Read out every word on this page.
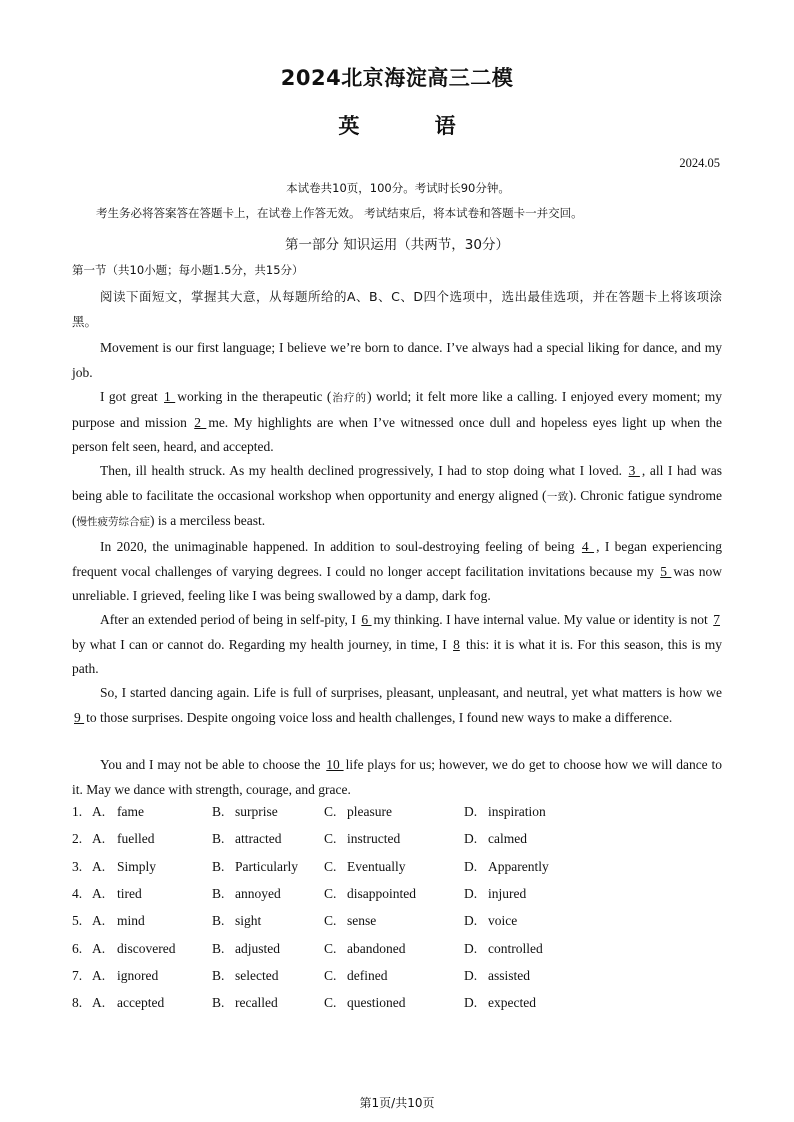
2024北京海淀高三二模
英 语
2024.05
本试卷共10页，100分。考试时长90分钟。
考生务必将答案答在答题卡上，在试卷上作答无效。 考试结束后，将本试卷和答题卡一并交回。
第一部分 知识运用（共两节，30分）
第一节（共10小题；每小题1.5分，共15分）
阅读下面短文，掌握其大意，从每题所给的A、B、C、D四个选项中，选出最佳选项，并在答题卡上将该项涂黑。
Movement is our first language; I believe we’re born to dance. I’ve always had a special liking for dance, and my job.
I got great 1 working in the therapeutic (治疗的) world; it felt more like a calling. I enjoyed every moment; my purpose and mission 2 me. My highlights are when I’ve witnessed once dull and hopeless eyes light up when the person felt seen, heard, and accepted.
Then, ill health struck. As my health declined progressively, I had to stop doing what I loved. 3 , all I had was being able to facilitate the occasional workshop when opportunity and energy aligned (一致). Chronic fatigue syndrome (慢性疲劳综合症) is a merciless beast.
In 2020, the unimaginable happened. In addition to soul-destroying feeling of being 4 , I began experiencing frequent vocal challenges of varying degrees. I could no longer accept facilitation invitations because my 5 was now unreliable. I grieved, feeling like I was being swallowed by a damp, dark fog.
After an extended period of being in self-pity, I 6 my thinking. I have internal value. My value or identity is not 7 by what I can or cannot do. Regarding my health journey, in time, I 8 this: it is what it is. For this season, this is my path.
So, I started dancing again. Life is full of surprises, pleasant, unpleasant, and neutral, yet what matters is how we 9 to those surprises. Despite ongoing voice loss and health challenges, I found new ways to make a difference.
You and I may not be able to choose the 10 life plays for us; however, we do get to choose how we will dance to it. May we dance with strength, courage, and grace.
1. A. fame	B. surprise	C. pleasure	D. inspiration
2. A. fuelled	B. attracted	C. instructed	D. calmed
3. A. Simply	B. Particularly C. Eventually	D. Apparently
4. A. tired	B. annoyed	C. disappointed	D. injured
5. A. mind	B. sight	C. sense	D. voice
6. A. discovered	B. adjusted	C. abandoned	D. controlled
7. A. ignored	B. selected	C. defined	D. assisted
8. A. accepted	B. recalled	C. questioned	D. expected
第1页/共10页
